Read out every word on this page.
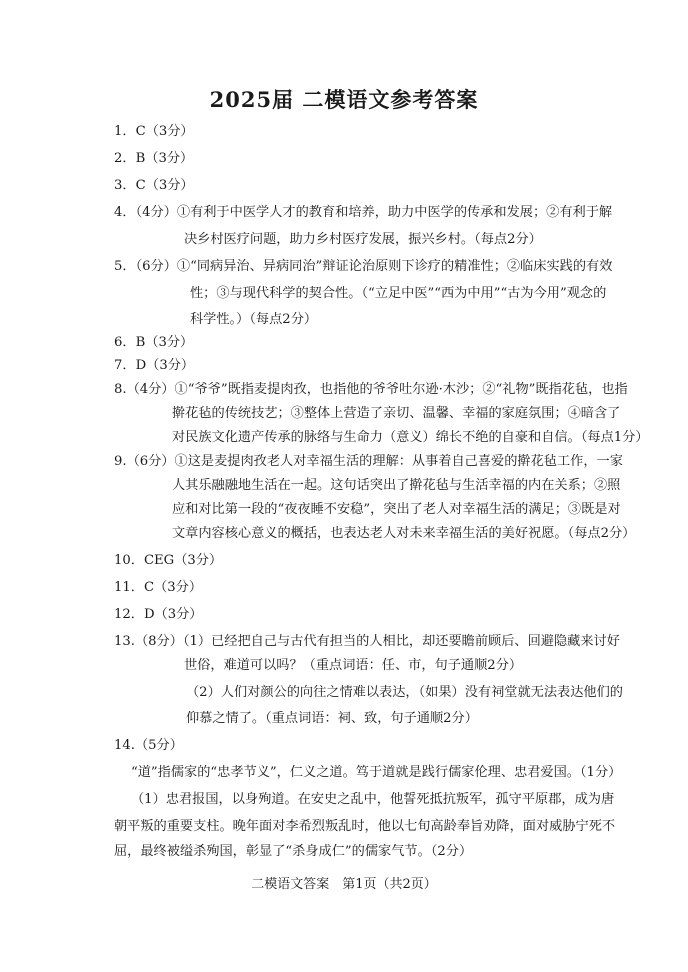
2025届 二模语文参考答案
1．C（3分）
2．B（3分）
3．C（3分）
4．（4分）①有利于中医学人才的教育和培养，助力中医学的传承和发展；②有利于解
决乡村医疗问题，助力乡村医疗发展，振兴乡村。（每点2分）
5．（6分）①“同病异治、异病同治”辩证论治原则下诊疗的精准性；②临床实践的有效
性；③与现代科学的契合性。（“立足中医”“西为中用”“古为今用”观念的
科学性。）（每点2分）
6．B（3分）
7．D（3分）
8.（4分）①“爷爷”既指麦提肉孜，也指他的爷爷吐尔逊·木沙；②“礼物”既指花毡，也指
擀花毡的传统技艺；③整体上营造了亲切、温馨、幸福的家庭氛围；④暗含了
对民族文化遗产传承的脉络与生命力（意义）绵长不绝的自豪和自信。（每点1分）
9.（6分）①这是麦提肉孜老人对幸福生活的理解：从事着自己喜爱的擀花毡工作，一家
人其乐融融地生活在一起。这句话突出了擀花毡与生活幸福的内在关系；②照
应和对比第一段的“夜夜睡不安稳”，突出了老人对幸福生活的满足；③既是对
文章内容核心意义的概括，也表达老人对未来幸福生活的美好祝愿。（每点2分）
10．CEG（3分）
11．C（3分）
12．D（3分）
13.（8分）（1）已经把自己与古代有担当的人相比，却还要瞻前顾后、回避隐藏来讨好
世俗，难道可以吗？（重点词语：任、市，句子通顺2分）
（2）人们对颜公的向往之情难以表达，（如果）没有祠堂就无法表达他们的
仰慕之情了。（重点词语：祠、致，句子通顺2分）
14.（5分）
“道”指儒家的“忠孝节义”，仁义之道。笃于道就是践行儒家伦理、忠君爱国。（1分）
（1）忠君报国，以身殉道。在安史之乱中，他誓死抵抗叛军，孤守平原郡，成为唐
朝平叛的重要支柱。晚年面对李希烈叛乱时，他以七旬高龄奉旨劝降，面对威胁宁死不
屈，最终被缢杀殉国，彰显了“杀身成仁”的儒家气节。（2分）
二模语文答案　第1页（共2页）
